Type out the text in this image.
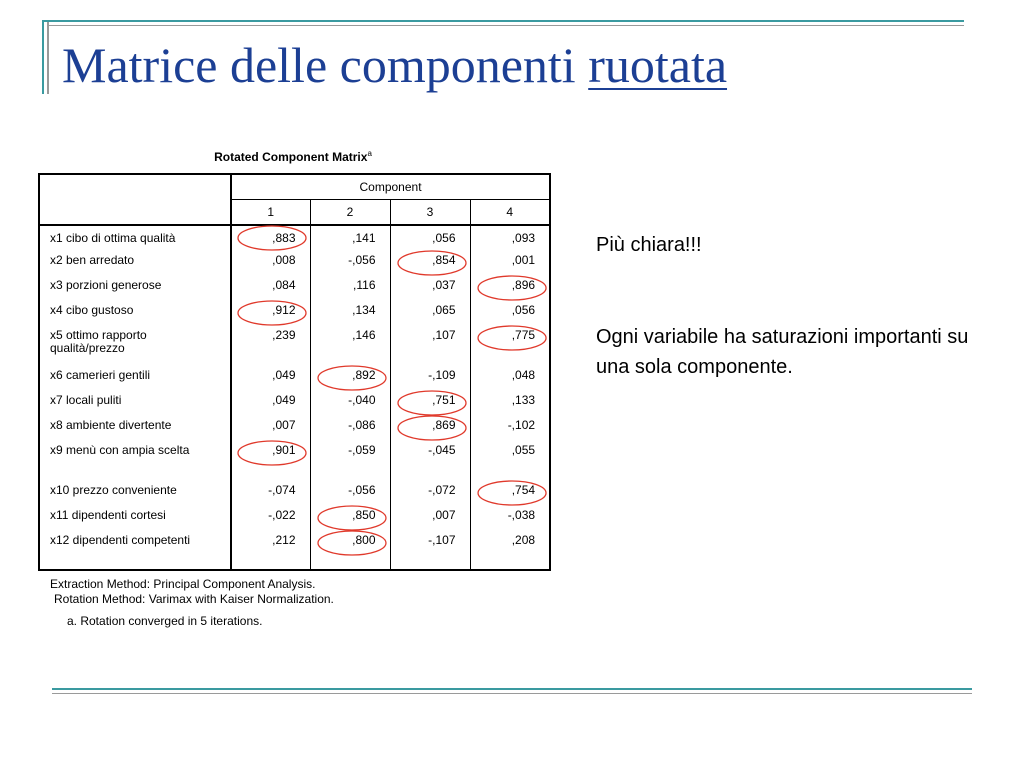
Matrice delle componenti ruotata
Rotated Component Matrix$^a$
	Component			
	1	2	3	4
x1 cibo di ottima qualità	,883	,141	,056	,093
x2 ben arredato	,008	-,056	,854	,001
x3 porzioni generose	,084	,116	,037	,896
x4 cibo gustoso	,912	,134	,065	,056
x5 ottimo rapporto qualità/prezzo	,239	,146	,107	,775
x6 camerieri gentili	,049	,892	-,109	,048
x7 locali puliti	,049	-,040	,751	,133
x8 ambiente divertente	,007	-,086	,869	-,102
x9 menù con ampia scelta	,901	-,059	-,045	,055
x10 prezzo conveniente	-,074	-,056	-,072	,754
x11 dipendenti cortesi	-,022	,850	,007	-,038
x12 dipendenti competenti	,212	,800	-,107	,208
Extraction Method: Principal Component Analysis.
Rotation Method: Varimax with Kaiser Normalization.
a. Rotation converged in 5 iterations.

Più chiara!!!

Ogni variabile ha saturazioni importanti su una sola componente.
